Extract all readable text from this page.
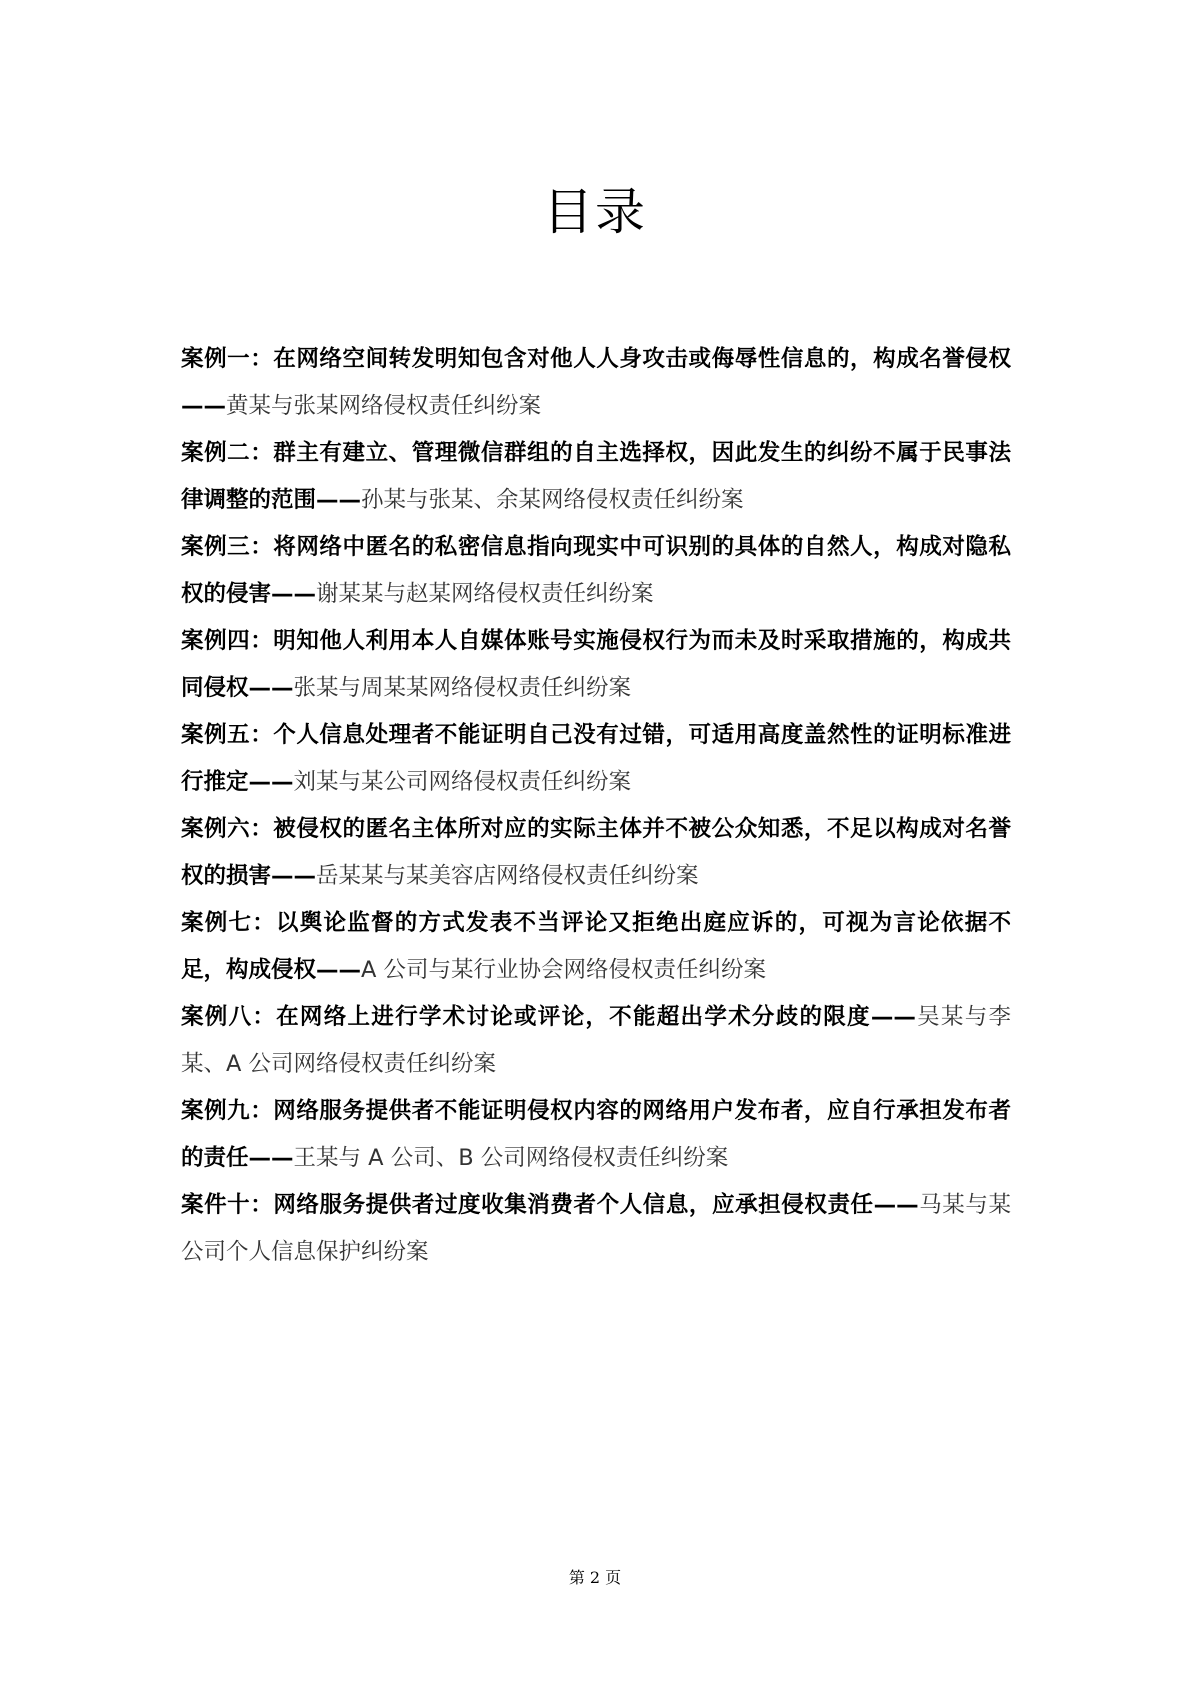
目录
案例一：在网络空间转发明知包含对他人人身攻击或侮辱性信息的，构成名誉侵权——黄某与张某网络侵权责任纠纷案
案例二：群主有建立、管理微信群组的自主选择权，因此发生的纠纷不属于民事法律调整的范围——孙某与张某、余某网络侵权责任纠纷案
案例三：将网络中匿名的私密信息指向现实中可识别的具体的自然人，构成对隐私权的侵害——谢某某与赵某网络侵权责任纠纷案
案例四：明知他人利用本人自媒体账号实施侵权行为而未及时采取措施的，构成共同侵权——张某与周某某网络侵权责任纠纷案
案例五：个人信息处理者不能证明自己没有过错，可适用高度盖然性的证明标准进行推定——刘某与某公司网络侵权责任纠纷案
案例六：被侵权的匿名主体所对应的实际主体并不被公众知悉，不足以构成对名誉权的损害——岳某某与某美容店网络侵权责任纠纷案
案例七：以舆论监督的方式发表不当评论又拒绝出庭应诉的，可视为言论依据不足，构成侵权——A 公司与某行业协会网络侵权责任纠纷案
案例八：在网络上进行学术讨论或评论，不能超出学术分歧的限度——吴某与李某、A 公司网络侵权责任纠纷案
案例九：网络服务提供者不能证明侵权内容的网络用户发布者，应自行承担发布者的责任——王某与 A 公司、B 公司网络侵权责任纠纷案
案件十：网络服务提供者过度收集消费者个人信息，应承担侵权责任——马某与某公司个人信息保护纠纷案
第 2 页
